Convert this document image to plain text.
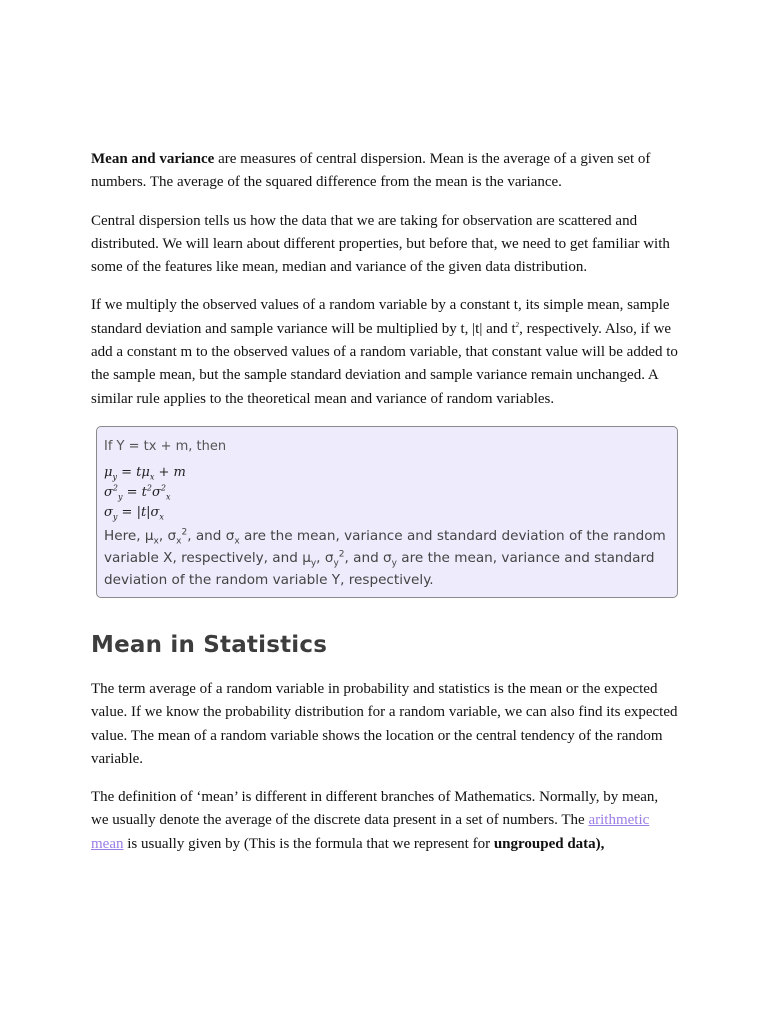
Mean and variance are measures of central dispersion. Mean is the average of a given set of numbers. The average of the squared difference from the mean is the variance.

Central dispersion tells us how the data that we are taking for observation are scattered and distributed. We will learn about different properties, but before that, we need to get familiar with some of the features like mean, median and variance of the given data distribution.

If we multiply the observed values of a random variable by a constant t, its simple mean, sample standard deviation and sample variance will be multiplied by t, |t| and $t^2$, respectively. Also, if we add a constant m to the observed values of a random variable, that constant value will be added to the sample mean, but the sample standard deviation and sample variance remain unchanged. A similar rule applies to the theoretical mean and variance of random variables.

If Y = tx + m, then
$\mu_y = t\mu_x + m$
$\sigma^2_y = t^2\sigma^2_x$
$\sigma_y = |t|\sigma_x$
Here, $\mu_x$, $\sigma_x^2$, and $\sigma_x$ are the mean, variance and standard deviation of the random variable X, respectively, and $\mu_y$, $\sigma_y^2$, and $\sigma_y$ are the mean, variance and standard deviation of the random variable Y, respectively.
Mean in Statistics

The term average of a random variable in probability and statistics is the mean or the expected value. If we know the probability distribution for a random variable, we can also find its expected value. The mean of a random variable shows the location or the central tendency of the random variable.

The definition of ‘mean’ is different in different branches of Mathematics. Normally, by mean, we usually denote the average of the discrete data present in a set of numbers. The arithmetic mean is usually given by (This is the formula that we represent for ungrouped data),
